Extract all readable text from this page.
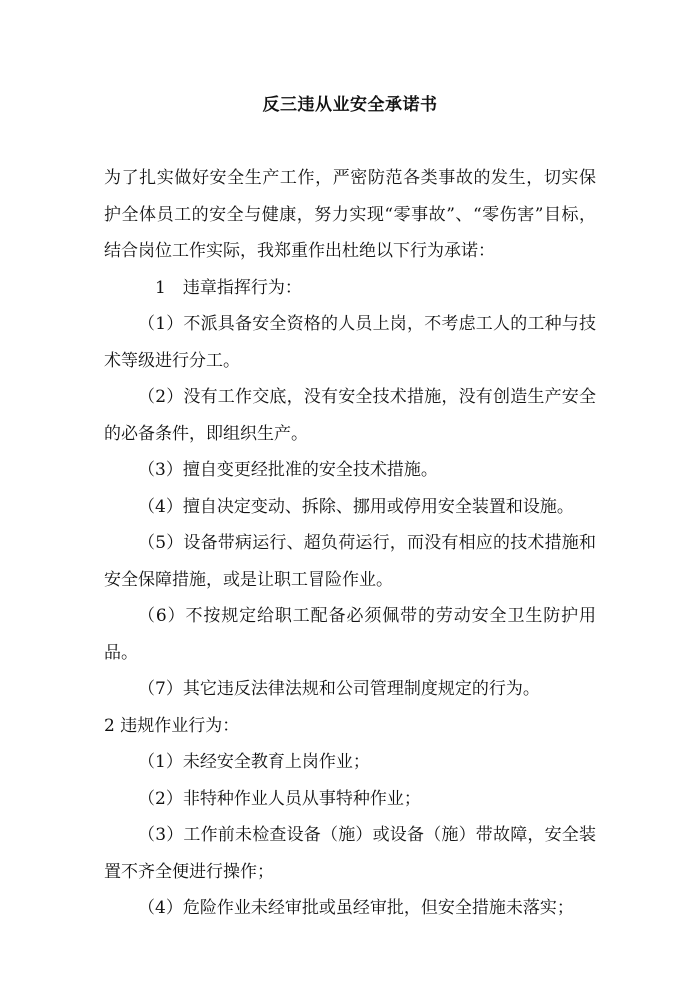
反三违从业安全承诺书

为了扎实做好安全生产工作，严密防范各类事故的发生，切实保护全体员工的安全与健康，努力实现“零事故”、“零伤害”目标，结合岗位工作实际，我郑重作出杜绝以下行为承诺：

1　违章指挥行为：

（1）不派具备安全资格的人员上岗，不考虑工人的工种与技术等级进行分工。

（2）没有工作交底，没有安全技术措施，没有创造生产安全的必备条件，即组织生产。

（3）擅自变更经批准的安全技术措施。

（4）擅自决定变动、拆除、挪用或停用安全装置和设施。

（5）设备带病运行、超负荷运行，而没有相应的技术措施和安全保障措施，或是让职工冒险作业。

（6）不按规定给职工配备必须佩带的劳动安全卫生防护用品。

（7）其它违反法律法规和公司管理制度规定的行为。

2 违规作业行为：

（1）未经安全教育上岗作业；

（2）非特种作业人员从事特种作业；

（3）工作前未检查设备（施）或设备（施）带故障，安全装置不齐全便进行操作；

（4）危险作业未经审批或虽经审批，但安全措施未落实；
